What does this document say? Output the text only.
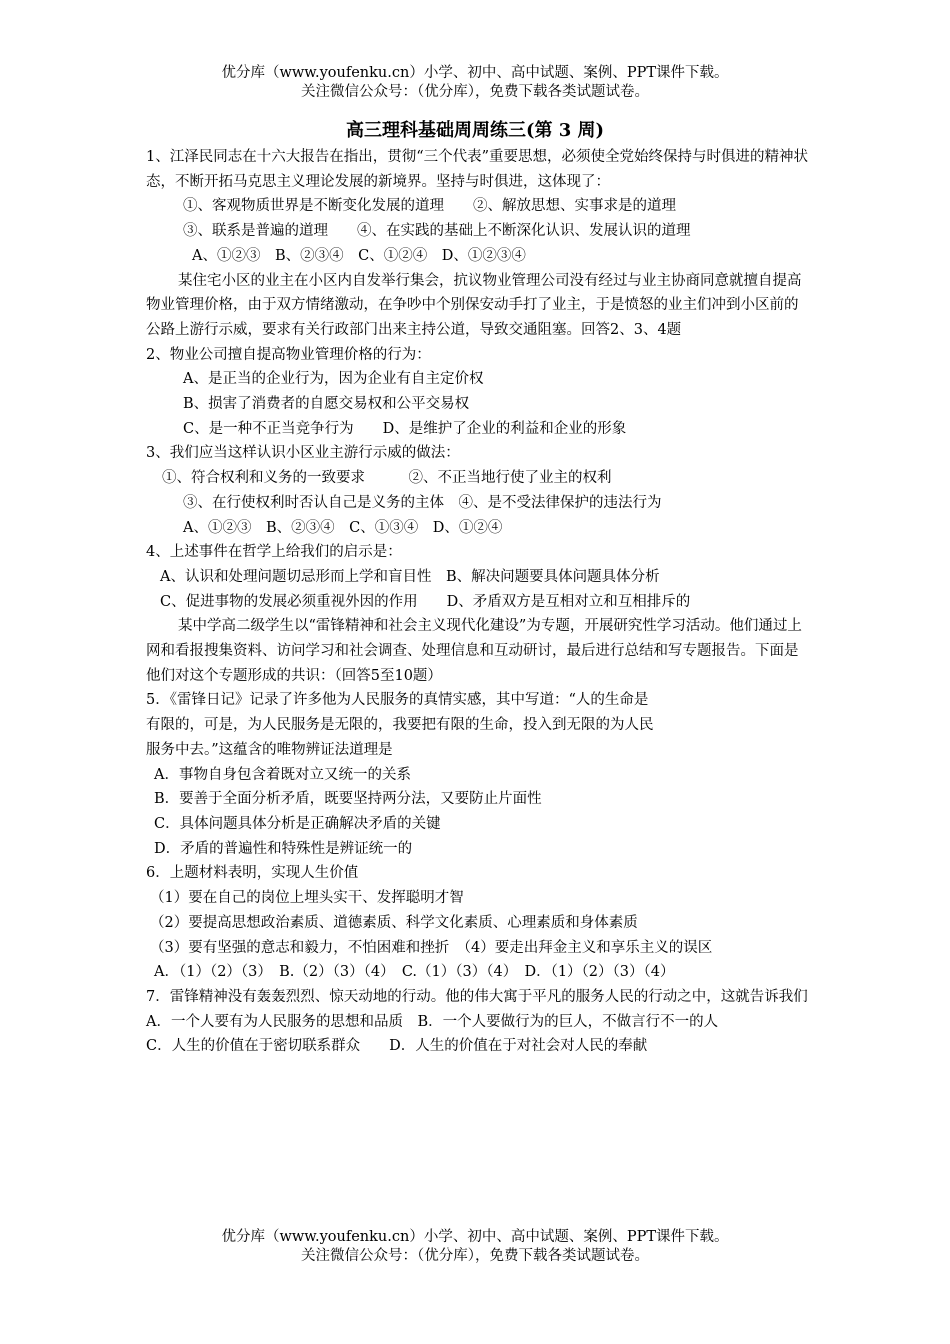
优分库（www.youfenku.cn）小学、初中、高中试题、案例、PPT课件下载。
关注微信公众号：（优分库），免费下载各类试题试卷。
高三理科基础周周练三(第 3 周)
1、江泽民同志在十六大报告在指出，贯彻“三个代表”重要思想，必须使全党始终保持与时俱进的精神状态，不断开拓马克思主义理论发展的新境界。坚持与时俱进，这体现了：
①、客观物质世界是不断变化发展的道理　　②、解放思想、实事求是的道理
③、联系是普遍的道理　　④、在实践的基础上不断深化认识、发展认识的道理
A、①②③　B、②③④　C、①②④　D、①②③④
某住宅小区的业主在小区内自发举行集会，抗议物业管理公司没有经过与业主协商同意就擅自提高物业管理价格，由于双方情绪激动，在争吵中个别保安动手打了业主，于是愤怒的业主们冲到小区前的公路上游行示威，要求有关行政部门出来主持公道，导致交通阻塞。回答2、3、4题
2、物业公司擅自提高物业管理价格的行为：
A、是正当的企业行为，因为企业有自主定价权
B、损害了消费者的自愿交易权和公平交易权
C、是一种不正当竞争行为　　D、是维护了企业的利益和企业的形象
3、我们应当这样认识小区业主游行示威的做法：
①、符合权利和义务的一致要求　　　②、不正当地行使了业主的权利
③、在行使权利时否认自己是义务的主体　④、是不受法律保护的违法行为
A、①②③　B、②③④　C、①③④　D、①②④
4、上述事件在哲学上给我们的启示是：
A、认识和处理问题切忌形而上学和盲目性　B、解决问题要具体问题具体分析
C、促进事物的发展必须重视外因的作用　　D、矛盾双方是互相对立和互相排斥的
某中学高二级学生以“雷锋精神和社会主义现代化建设”为专题，开展研究性学习活动。他们通过上网和看报搜集资料、访问学习和社会调查、处理信息和互动研讨，最后进行总结和写专题报告。下面是他们对这个专题形成的共识：（回答5至10题）
5．《雷锋日记》记录了许多他为人民服务的真情实感，其中写道：“人的生命是
有限的，可是，为人民服务是无限的，我要把有限的生命，投入到无限的为人民
服务中去。”这蕴含的唯物辨证法道理是
A．事物自身包含着既对立又统一的关系
B．要善于全面分析矛盾，既要坚持两分法，又要防止片面性
C．具体问题具体分析是正确解决矛盾的关键
D．矛盾的普遍性和特殊性是辨证统一的
6．上题材料表明，实现人生价值
（1）要在自己的岗位上埋头实干、发挥聪明才智
（2）要提高思想政治素质、道德素质、科学文化素质、心理素质和身体素质
（3）要有坚强的意志和毅力，不怕困难和挫折　（4）要走出拜金主义和享乐主义的误区
A．（1）（2）（3）　B.（2）（3）（4）　C.（1）（3）（4）　D．（1）（2）（3）（4）
7．雷锋精神没有轰轰烈烈、惊天动地的行动。他的伟大寓于平凡的服务人民的行动之中，这就告诉我们
A．一个人要有为人民服务的思想和品质　B．一个人要做行为的巨人，不做言行不一的人
C．人生的价值在于密切联系群众　　D．人生的价值在于对社会对人民的奉献
优分库（www.youfenku.cn）小学、初中、高中试题、案例、PPT课件下载。
关注微信公众号：（优分库），免费下载各类试题试卷。
